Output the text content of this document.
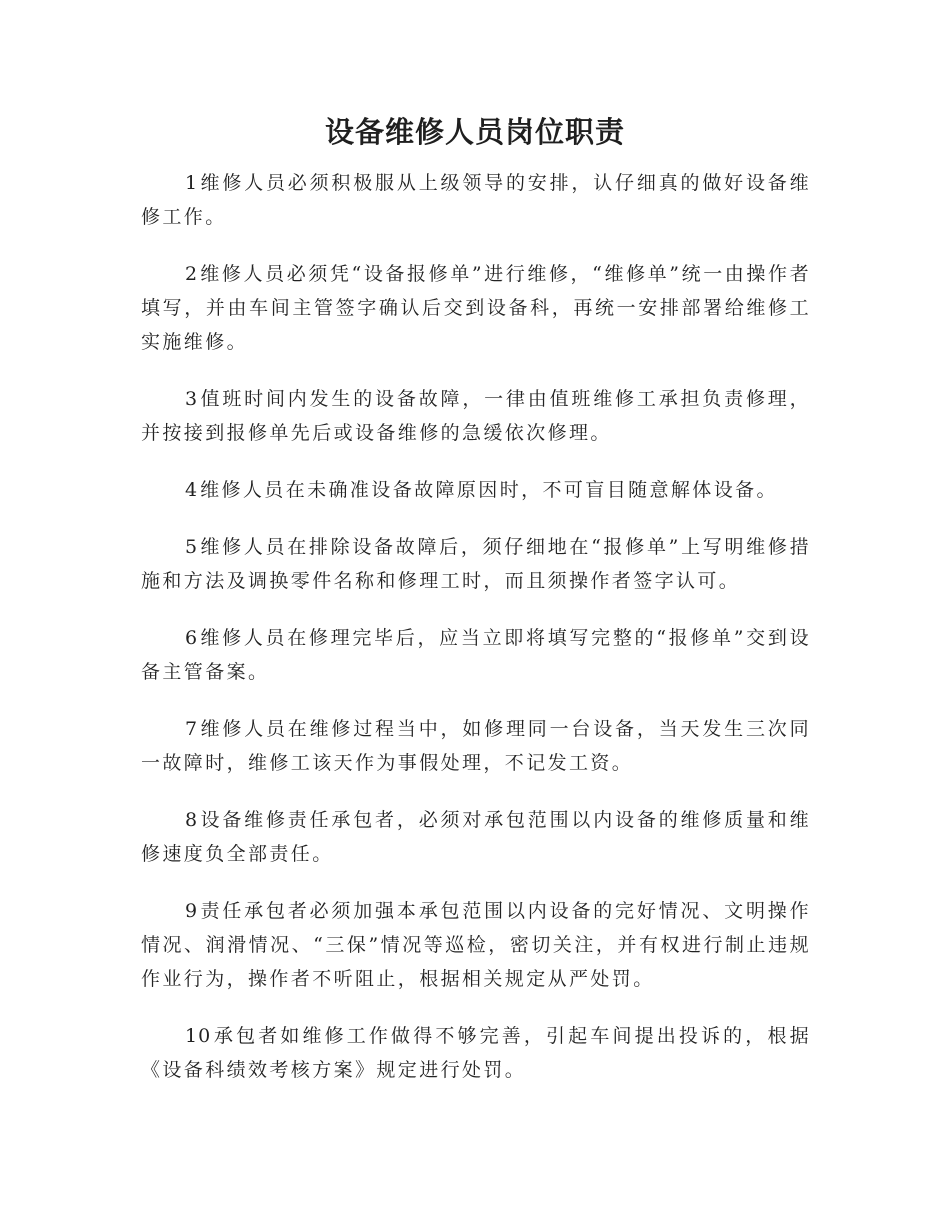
设备维修人员岗位职责

1 维修人员必须积极服从上级领导的安排，认仔细真的做好设备维修工作。

2 维修人员必须凭“设备报修单”进行维修，“维修单”统一由操作者填写，并由车间主管签字确认后交到设备科，再统一安排部署给维修工实施维修。

3 值班时间内发生的设备故障，一律由值班维修工承担负责修理，并按接到报修单先后或设备维修的急缓依次修理。

4 维修人员在未确准设备故障原因时，不可盲目随意解体设备。

5 维修人员在排除设备故障后，须仔细地在“报修单”上写明维修措施和方法及调换零件名称和修理工时，而且须操作者签字认可。

6 维修人员在修理完毕后，应当立即将填写完整的“报修单”交到设备主管备案。

7 维修人员在维修过程当中，如修理同一台设备，当天发生三次同一故障时，维修工该天作为事假处理，不记发工资。

8 设备维修责任承包者，必须对承包范围以内设备的维修质量和维修速度负全部责任。

9 责任承包者必须加强本承包范围以内设备的完好情况、文明操作情况、润滑情况、“三保”情况等巡检，密切关注，并有权进行制止违规作业行为，操作者不听阻止，根据相关规定从严处罚。

10 承包者如维修工作做得不够完善，引起车间提出投诉的，根据《设备科绩效考核方案》规定进行处罚。
